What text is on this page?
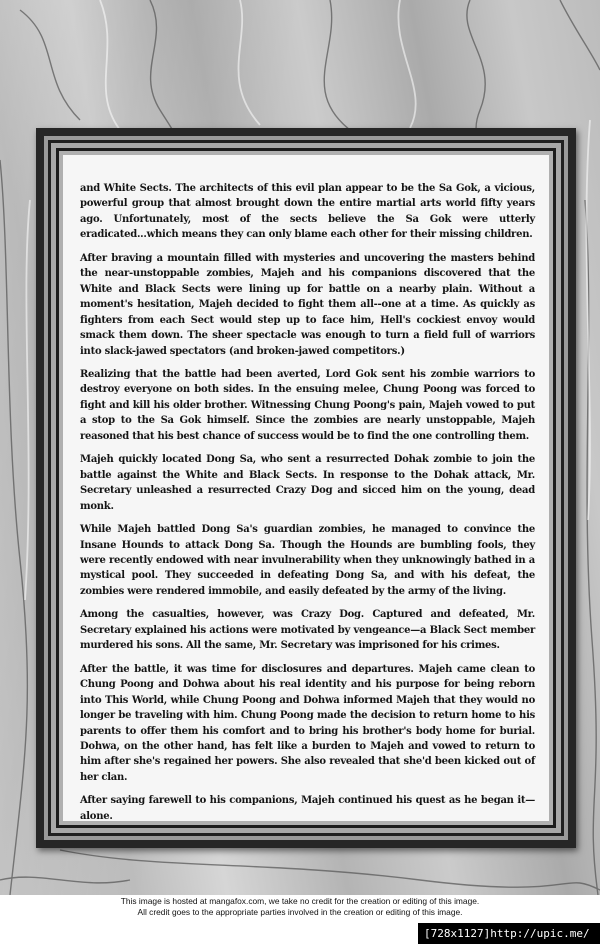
and White Sects. The architects of this evil plan appear to be the Sa Gok, a vicious, powerful group that almost brought down the entire martial arts world fifty years ago. Unfortunately, most of the sects believe the Sa Gok were utterly eradicated...which means they can only blame each other for their missing children.

After braving a mountain filled with mysteries and uncovering the masters behind the near-unstoppable zombies, Majeh and his companions discovered that the White and Black Sects were lining up for battle on a nearby plain. Without a moment's hesitation, Majeh decided to fight them all--one at a time. As quickly as fighters from each Sect would step up to face him, Hell's cockiest envoy would smack them down. The sheer spectacle was enough to turn a field full of warriors into slack-jawed spectators (and broken-jawed competitors.)

Realizing that the battle had been averted, Lord Gok sent his zombie warriors to destroy everyone on both sides. In the ensuing melee, Chung Poong was forced to fight and kill his older brother. Witnessing Chung Poong's pain, Majeh vowed to put a stop to the Sa Gok himself. Since the zombies are nearly unstoppable, Majeh reasoned that his best chance of success would be to find the one controlling them.

Majeh quickly located Dong Sa, who sent a resurrected Dohak zombie to join the battle against the White and Black Sects. In response to the Dohak attack, Mr. Secretary unleashed a resurrected Crazy Dog and sicced him on the young, dead monk.

While Majeh battled Dong Sa's guardian zombies, he managed to convince the Insane Hounds to attack Dong Sa. Though the Hounds are bumbling fools, they were recently endowed with near invulnerability when they unknowingly bathed in a mystical pool. They succeeded in defeating Dong Sa, and with his defeat, the zombies were rendered immobile, and easily defeated by the army of the living.

Among the casualties, however, was Crazy Dog. Captured and defeated, Mr. Secretary explained his actions were motivated by vengeance—a Black Sect member murdered his sons. All the same, Mr. Secretary was imprisoned for his crimes.

After the battle, it was time for disclosures and departures. Majeh came clean to Chung Poong and Dohwa about his real identity and his purpose for being reborn into This World, while Chung Poong and Dohwa informed Majeh that they would no longer be traveling with him. Chung Poong made the decision to return home to his parents to offer them his comfort and to bring his brother's body home for burial. Dohwa, on the other hand, has felt like a burden to Majeh and vowed to return to him after she's regained her powers. She also revealed that she'd been kicked out of her clan.

After saying farewell to his companions, Majeh continued his quest as he began it—alone.

This image is hosted at mangafox.com, we take no credit for the creation or editing of this image.
All credit goes to the appropriate parties involved in the creation or editing of this image.
[728x1127]http://upic.me/
